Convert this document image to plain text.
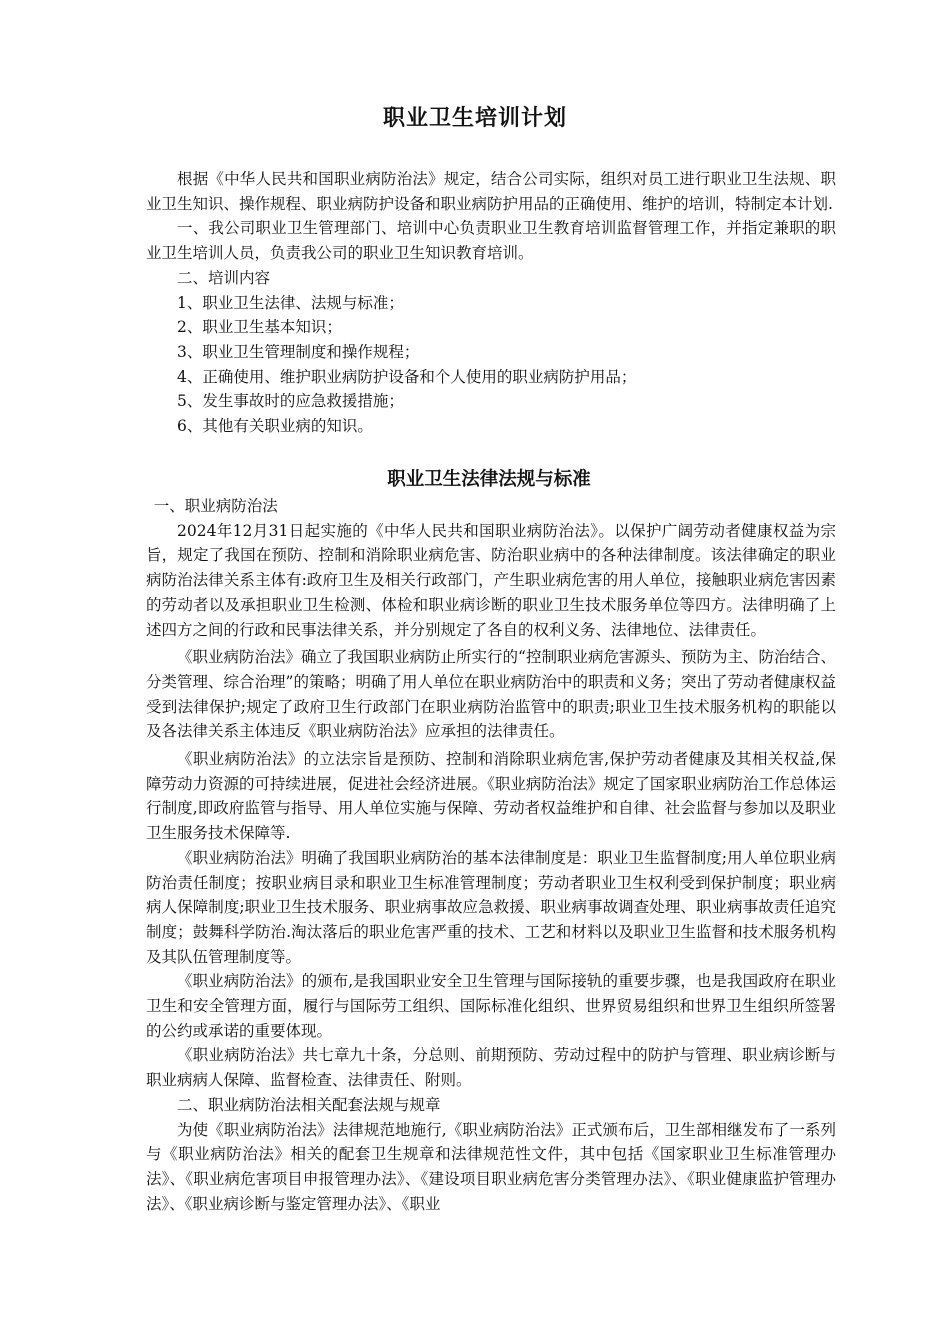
职业卫生培训计划

根据《中华人民共和国职业病防治法》规定，结合公司实际，组织对员工进行职业卫生法规、职业卫生知识、操作规程、职业病防护设备和职业病防护用品的正确使用、维护的培训，特制定本计划.

一、我公司职业卫生管理部门、培训中心负责职业卫生教育培训监督管理工作，并指定兼职的职业卫生培训人员，负责我公司的职业卫生知识教育培训。

二、培训内容

1、职业卫生法律、法规与标准；

2、职业卫生基本知识；

3、职业卫生管理制度和操作规程；

4、正确使用、维护职业病防护设备和个人使用的职业病防护用品；

5、发生事故时的应急救援措施；

6、其他有关职业病的知识。

职业卫生法律法规与标准

一、职业病防治法

2024年12月31日起实施的《中华人民共和国职业病防治法》。以保护广阔劳动者健康权益为宗旨，规定了我国在预防、控制和消除职业病危害、防治职业病中的各种法律制度。该法律确定的职业病防治法律关系主体有:政府卫生及相关行政部门，产生职业病危害的用人单位，接触职业病危害因素的劳动者以及承担职业卫生检测、体检和职业病诊断的职业卫生技术服务单位等四方。法律明确了上述四方之间的行政和民事法律关系，并分别规定了各自的权利义务、法律地位、法律责任。

《职业病防治法》确立了我国职业病防止所实行的“控制职业病危害源头、预防为主、防治结合、分类管理、综合治理”的策略；明确了用人单位在职业病防治中的职责和义务；突出了劳动者健康权益受到法律保护;规定了政府卫生行政部门在职业病防治监管中的职责;职业卫生技术服务机构的职能以及各法律关系主体违反《职业病防治法》应承担的法律责任。

《职业病防治法》的立法宗旨是预防、控制和消除职业病危害,保护劳动者健康及其相关权益,保障劳动力资源的可持续进展，促进社会经济进展。《职业病防治法》规定了国家职业病防治工作总体运行制度,即政府监管与指导、用人单位实施与保障、劳动者权益维护和自律、社会监督与参加以及职业卫生服务技术保障等.

《职业病防治法》明确了我国职业病防治的基本法律制度是：职业卫生监督制度;用人单位职业病防治责任制度；按职业病目录和职业卫生标准管理制度；劳动者职业卫生权利受到保护制度；职业病病人保障制度;职业卫生技术服务、职业病事故应急救援、职业病事故调查处理、职业病事故责任追究制度；鼓舞科学防治.淘汰落后的职业危害严重的技术、工艺和材料以及职业卫生监督和技术服务机构及其队伍管理制度等。

《职业病防治法》的颁布,是我国职业安全卫生管理与国际接轨的重要步骤，也是我国政府在职业卫生和安全管理方面，履行与国际劳工组织、国际标准化组织、世界贸易组织和世界卫生组织所签署的公约或承诺的重要体现。

《职业病防治法》共七章九十条，分总则、前期预防、劳动过程中的防护与管理、职业病诊断与职业病病人保障、监督检查、法律责任、附则。

二、职业病防治法相关配套法规与规章

为使《职业病防治法》法律规范地施行,《职业病防治法》正式颁布后，卫生部相继发布了一系列与《职业病防治法》相关的配套卫生规章和法律规范性文件，其中包括《国家职业卫生标准管理办法》、《职业病危害项目申报管理办法》、《建设项目职业病危害分类管理办法》、《职业健康监护管理办法》、《职业病诊断与鉴定管理办法》、《职业
